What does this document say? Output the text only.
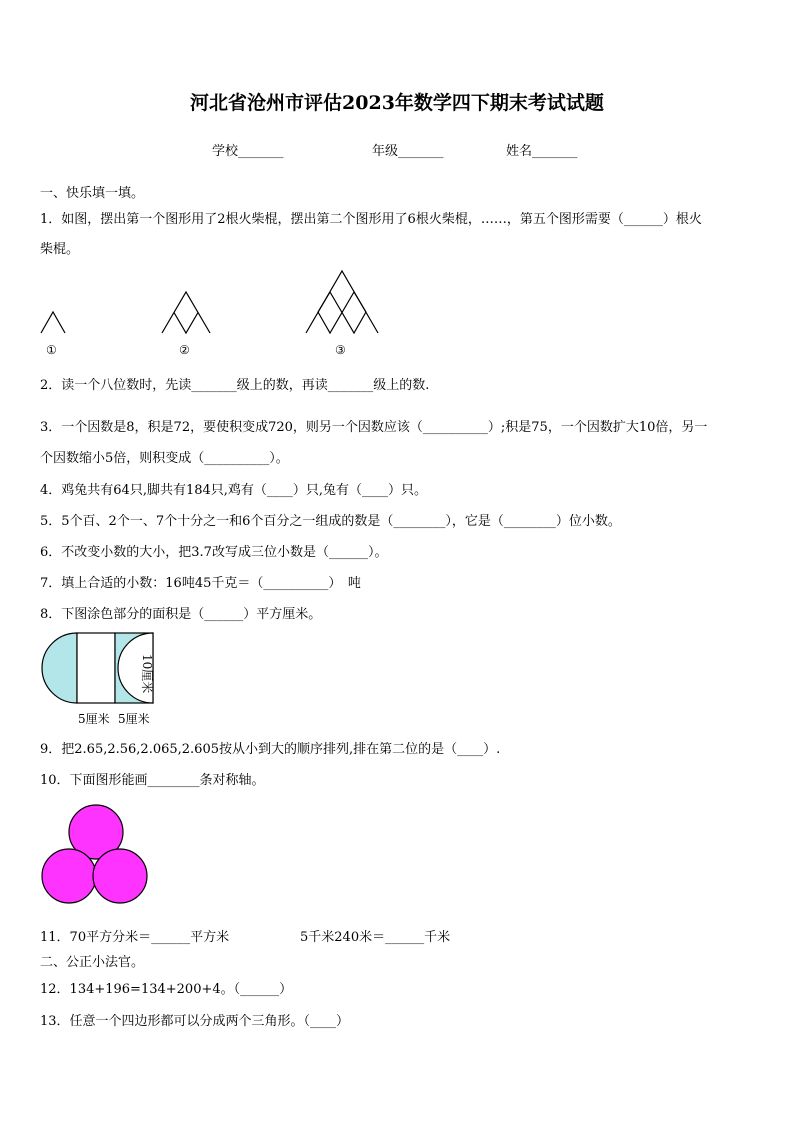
河北省沧州市评估2023年数学四下期末考试试题
学校_______	年级_______	姓名_______
一、快乐填一填。
1．如图，摆出第一个图形用了2根火柴棍，摆出第二个图形用了6根火柴棍，……，第五个图形需要（______）根火
柴棍。
①	②	③
2．读一个八位数时，先读_______级上的数，再读_______级上的数.
3．一个因数是8，积是72，要使积变成720，则另一个因数应该（__________）;积是75，一个因数扩大10倍，另一
个因数缩小5倍，则积变成（__________）。
4．鸡兔共有64只,脚共有184只,鸡有（____）只,兔有（____）只。
5．5个百、2个一、7个十分之一和6个百分之一组成的数是（________），它是（________）位小数。
6．不改变小数的大小，把3.7改写成三位小数是（______）。
7．填上合适的小数：16吨45千克＝（__________）　吨
8．下图涂色部分的面积是（______）平方厘米。
10厘米
5厘米 5厘米
9．把2.65,2.56,2.065,2.605按从小到大的顺序排列,排在第二位的是（____）.
10．下面图形能画________条对称轴。
11．70平方分米＝______平方米	5千米240米＝______千米
二、公正小法官。
12．134+196=134+200+4。（______）
13．任意一个四边形都可以分成两个三角形。（____）
